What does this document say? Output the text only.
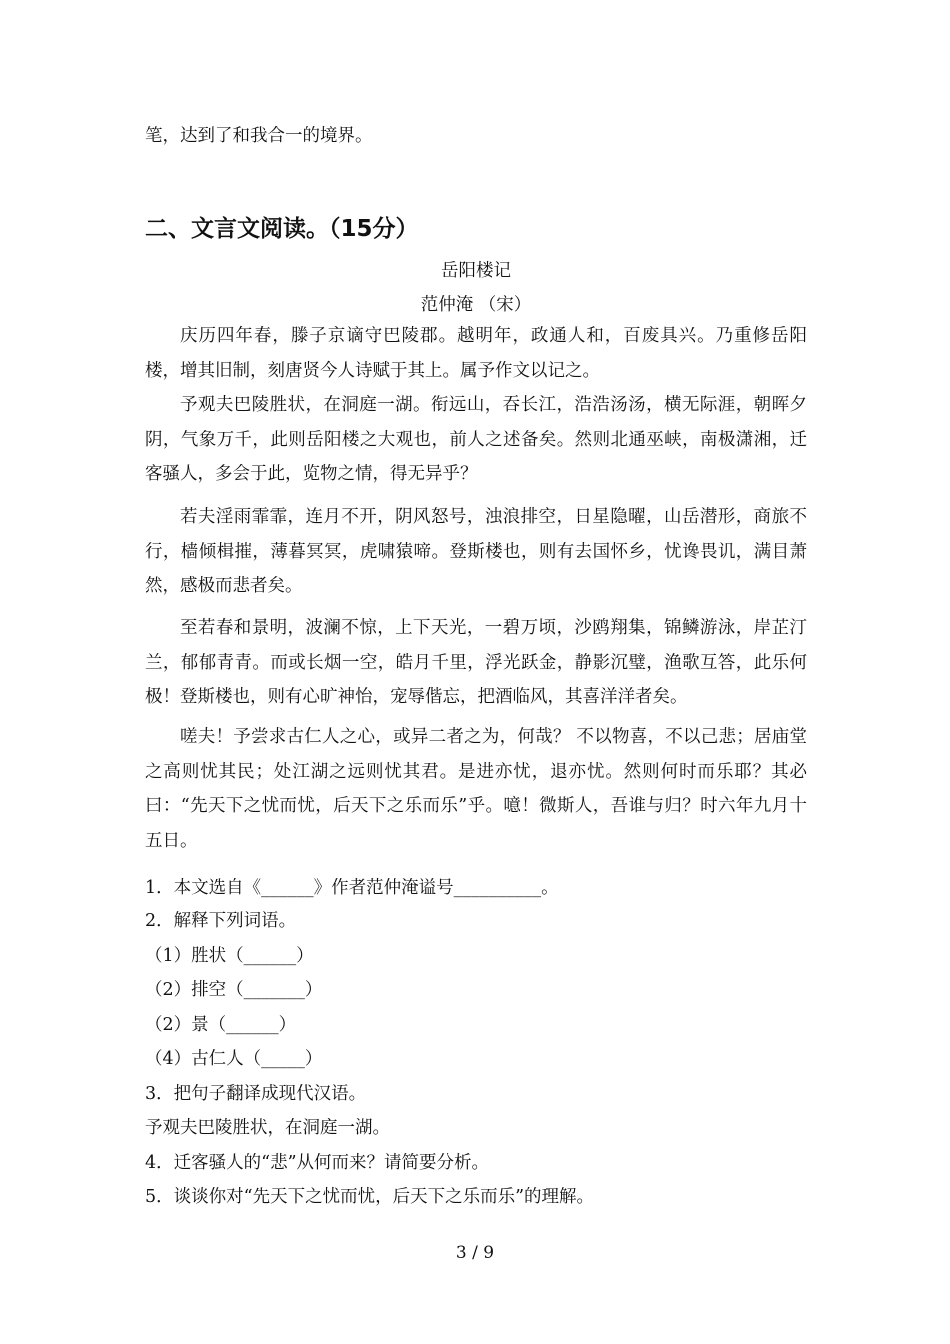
笔，达到了和我合一的境界。
二、文言文阅读。（15分）
岳阳楼记
范仲淹 （宋）
庆历四年春，滕子京谪守巴陵郡。越明年，政通人和，百废具兴。乃重修岳阳楼，增其旧制，刻唐贤今人诗赋于其上。属予作文以记之。
予观夫巴陵胜状，在洞庭一湖。衔远山，吞长江，浩浩汤汤，横无际涯，朝晖夕阴，气象万千，此则岳阳楼之大观也，前人之述备矣。然则北通巫峡，南极潇湘，迁客骚人，多会于此，览物之情，得无异乎？
若夫淫雨霏霏，连月不开，阴风怒号，浊浪排空，日星隐曜，山岳潜形，商旅不行，樯倾楫摧，薄暮冥冥，虎啸猿啼。登斯楼也，则有去国怀乡，忧谗畏讥，满目萧然，感极而悲者矣。
至若春和景明，波澜不惊，上下天光，一碧万顷，沙鸥翔集，锦鳞游泳，岸芷汀兰，郁郁青青。而或长烟一空，皓月千里，浮光跃金，静影沉璧，渔歌互答，此乐何极！登斯楼也，则有心旷神怡，宠辱偕忘，把酒临风，其喜洋洋者矣。
嗟夫！予尝求古仁人之心，或异二者之为，何哉？ 不以物喜，不以己悲；居庙堂之高则忧其民；处江湖之远则忧其君。是进亦忧，退亦忧。然则何时而乐耶？其必曰：“先天下之忧而忧，后天下之乐而乐”乎。噫！微斯人，吾谁与归？时六年九月十五日。
1．本文选自《______》作者范仲淹谥号__________。
2．解释下列词语。
（1）胜状（______）
（2）排空（_______）
（2）景（______）
（4）古仁人（_____）
3．把句子翻译成现代汉语。
予观夫巴陵胜状，在洞庭一湖。
4．迁客骚人的“悲”从何而来？请简要分析。
5．谈谈你对“先天下之忧而忧，后天下之乐而乐”的理解。
3 / 9
